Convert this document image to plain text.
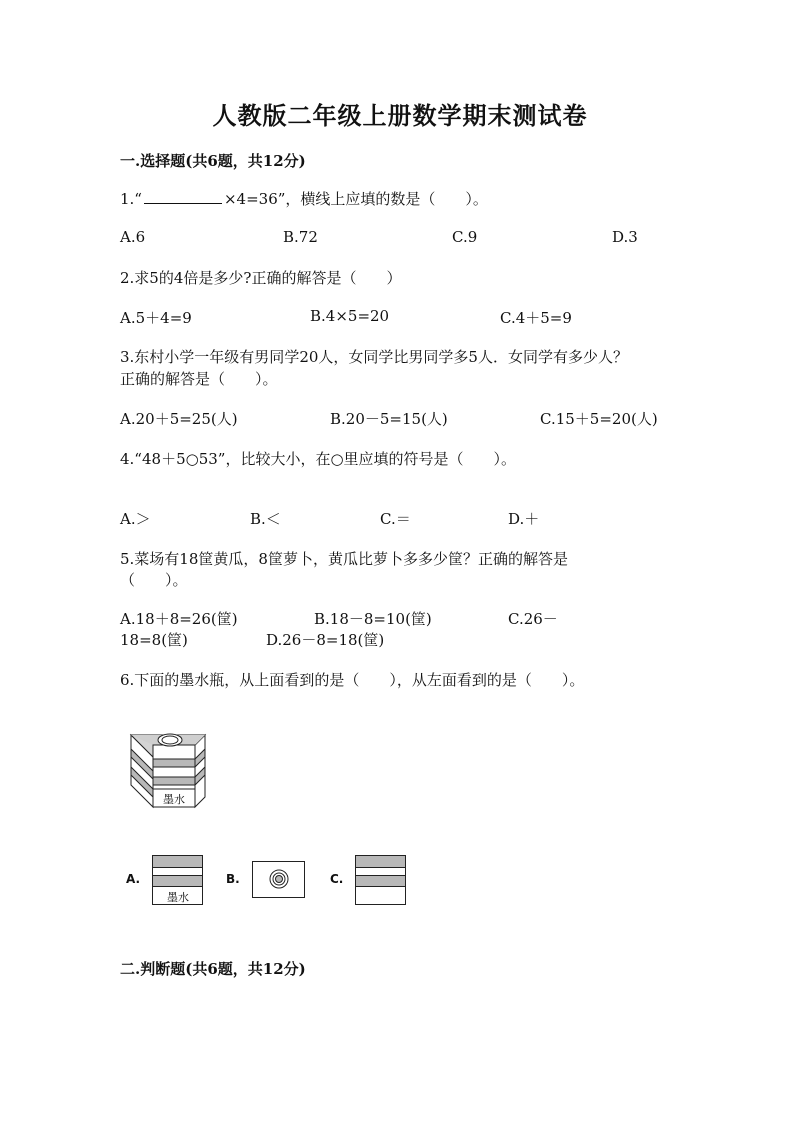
人教版二年级上册数学期末测试卷
一.选择题(共6题，共12分)
1.“	×4=36”，横线上应填的数是（　　）。
A.6	B.72	C.9	D.3
2.求5的4倍是多少?正确的解答是（　　）
A.5＋4=9	B.4×5=20	C.4＋5=9
3.东村小学一年级有男同学20人，女同学比男同学多5人．女同学有多少人？
正确的解答是（　　）。
A.20＋5=25(人)	B.20－5=15(人)	C.15＋5=20(人)
4.“48＋5○53”，比较大小，在○里应填的符号是（　　）。
A.＞	B.＜	C.＝	D.＋
5.菜场有18筐黄瓜，8筐萝卜，黄瓜比萝卜多多少筐？正确的解答是
（　　）。
A.18＋8=26(筐)	B.18－8=10(筐)	C.26－
18=8(筐)	D.26－8=18(筐)
6.下面的墨水瓶，从上面看到的是（　　），从左面看到的是（　　）。
墨水
A.
墨水
B.	C.
二.判断题(共6题，共12分)
